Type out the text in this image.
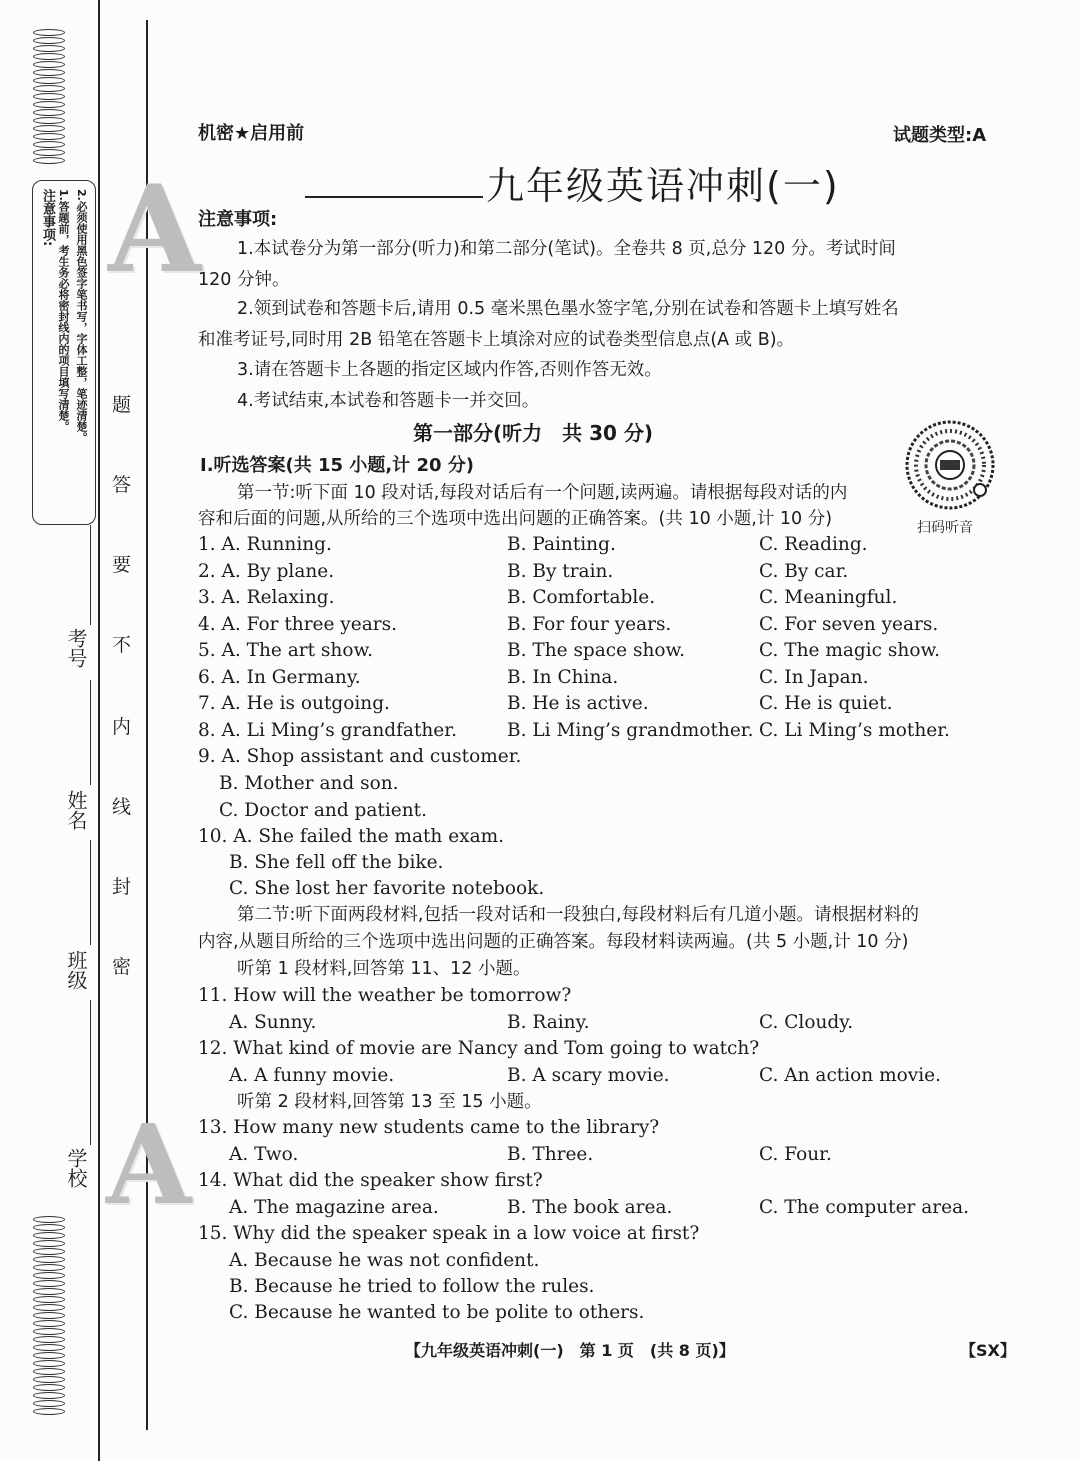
注意事项: 1.答题前，考生务必将密封线内的项目填写清楚。 2.必须使用黑色签字笔书写，字体工整，笔迹清楚。 题
答
要
不
内
线
封
密
考号
姓名
班级
学校
A
A
机密★启用前	试题类型:A
九年级英语冲刺(一)
注意事项:
1.本试卷分为第一部分(听力)和第二部分(笔试)。全卷共 8 页,总分 120 分。考试时间
120 分钟。
2.领到试卷和答题卡后,请用 0.5 毫米黑色墨水签字笔,分别在试卷和答题卡上填写姓名
和准考证号,同时用 2B 铅笔在答题卡上填涂对应的试卷类型信息点(A 或 B)。
3.请在答题卡上各题的指定区域内作答,否则作答无效。
4.考试结束,本试卷和答题卡一并交回。
第一部分(听力　共 30 分)
扫码听音
Ⅰ.听选答案(共 15 小题,计 20 分)
第一节:听下面 10 段对话,每段对话后有一个问题,读两遍。请根据每段对话的内
容和后面的问题,从所给的三个选项中选出问题的正确答案。(共 10 小题,计 10 分)
1. A. Running.	B. Painting.	C. Reading.
2. A. By plane.	B. By train.	C. By car.
3. A. Relaxing.	B. Comfortable.	C. Meaningful.
4. A. For three years.	B. For four years.	C. For seven years.
5. A. The art show.	B. The space show.	C. The magic show.
6. A. In Germany.	B. In China.	C. In Japan.
7. A. He is outgoing.	B. He is active.	C. He is quiet.
8. A. Li Ming’s grandfather.	B. Li Ming’s grandmother. C. Li Ming’s mother.
9. A. Shop assistant and customer.
B. Mother and son.
C. Doctor and patient.
10. A. She failed the math exam.
B. She fell off the bike.
C. She lost her favorite notebook.
第二节:听下面两段材料,包括一段对话和一段独白,每段材料后有几道小题。请根据材料的
内容,从题目所给的三个选项中选出问题的正确答案。每段材料读两遍。(共 5 小题,计 10 分)
听第 1 段材料,回答第 11、12 小题。
11. How will the weather be tomorrow?
A. Sunny.	B. Rainy.	C. Cloudy.
12. What kind of movie are Nancy and Tom going to watch?
A. A funny movie.	B. A scary movie.	C. An action movie.
听第 2 段材料,回答第 13 至 15 小题。
13. How many new students came to the library?
A. Two.	B. Three.	C. Four.
14. What did the speaker show first?
A. The magazine area.	B. The book area.	C. The computer area.
15. Why did the speaker speak in a low voice at first?
A. Because he was not confident.
B. Because he tried to follow the rules.
C. Because he wanted to be polite to others.
【九年级英语冲刺(一)　第 1 页　(共 8 页)】	【SX】
